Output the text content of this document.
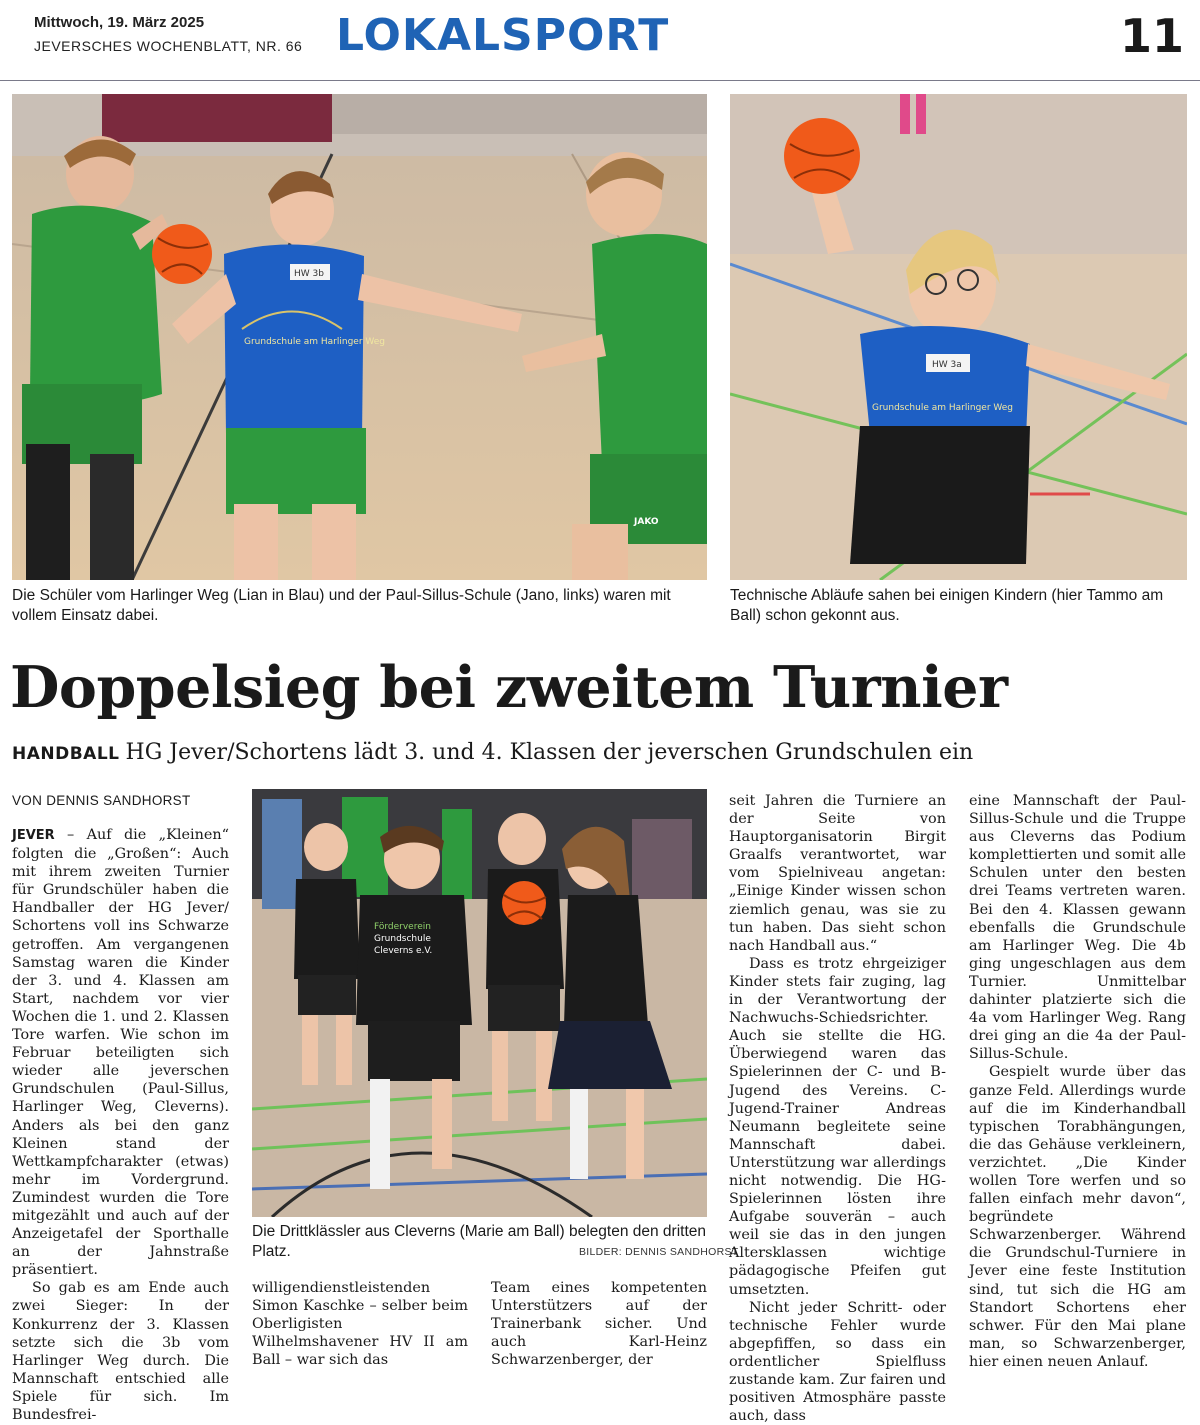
Mittwoch, 19. März 2025
JEVERSCHES WOCHENBLATT, NR. 66 LOKALSPORT	11
Grundschule am Harlinger Weg
HW 3b
JAKO
Die Schüler vom Harlinger Weg (Lian in Blau) und der Paul-Sillus-Schule (Jano, links) waren mit vollem Einsatz dabei.
HW 3a
Grundschule am Harlinger Weg
Technische Abläufe sahen bei einigen Kindern (hier Tammo am Ball) schon gekonnt aus.
Doppelsieg bei zweitem Turnier
HANDBALL HG Jever/Schortens lädt 3. und 4. Klassen der jeverschen Grundschulen ein
VON DENNIS SANDHORST
Förderverein
Grundschule
Cleverns e.V.
Die Drittklässler aus Cleverns (Marie am Ball) belegten den dritten Platz.	BILDER: DENNIS SANDHORST

JEVER – Auf die „Kleinen“ folgten die „Großen“: Auch mit ihrem zweiten Turnier für Grundschüler haben die Handballer der HG Jever/ Schortens voll ins Schwarze getroffen. Am vergangenen Samstag waren die Kinder der 3. und 4. Klassen am Start, nachdem vor vier Wochen die 1. und 2. Klassen Tore warfen. Wie schon im Februar beteiligten sich wieder alle jeverschen Grundschulen (Paul-Sillus, Harlinger Weg, Cleverns). Anders als bei den ganz Kleinen stand der Wettkampfcharakter (etwas) mehr im Vordergrund. Zumindest wurden die Tore mitgezählt und auch auf der Anzeigetafel der Sporthalle an der Jahnstraße präsentiert.

So gab es am Ende auch zwei Sieger: In der Konkurrenz der 3. Klassen setzte sich die 3b vom Harlinger Weg durch. Die Mannschaft entschied alle Spiele für sich. Im Bundesfrei-

willigendienstleistenden Simon Kaschke – selber beim Oberligisten Wilhelmshavener HV II am Ball – war sich das

Team eines kompetenten Unterstützers auf der Trainerbank sicher. Und auch Karl-Heinz Schwarzenberger, der

seit Jahren die Turniere an der Seite von Hauptorganisatorin Birgit Graalfs verantwortet, war vom Spielniveau angetan: „Einige Kinder wissen schon ziemlich genau, was sie zu tun haben. Das sieht schon nach Handball aus.“

Dass es trotz ehrgeiziger Kinder stets fair zuging, lag in der Verantwortung der Nachwuchs-Schiedsrichter. Auch sie stellte die HG. Überwiegend waren das Spielerinnen der C- und B-Jugend des Vereins. C-Jugend-Trainer Andreas Neumann begleitete seine Mannschaft dabei. Unterstützung war allerdings nicht notwendig. Die HG-Spielerinnen lösten ihre Aufgabe souverän – auch weil sie das in den jungen Altersklassen wichtige pädagogische Pfeifen gut umsetzten.

Nicht jeder Schritt- oder technische Fehler wurde abgepfiffen, so dass ein ordentlicher Spielfluss zustande kam. Zur fairen und positiven Atmosphäre passte auch, dass

eine Mannschaft der Paul-Sillus-Schule und die Truppe aus Cleverns das Podium komplettierten und somit alle Schulen unter den besten drei Teams vertreten waren. Bei den 4. Klassen gewann ebenfalls die Grundschule am Harlinger Weg. Die 4b ging ungeschlagen aus dem Turnier. Unmittelbar dahinter platzierte sich die 4a vom Harlinger Weg. Rang drei ging an die 4a der Paul-Sillus-Schule.

Gespielt wurde über das ganze Feld. Allerdings wurde auf die im Kinderhandball typischen Torabhängungen, die das Gehäuse verkleinern, verzichtet. „Die Kinder wollen Tore werfen und so fallen einfach mehr davon“, begründete Schwarzenberger. Während die Grundschul-Turniere in Jever eine feste Institution sind, tut sich die HG am Standort Schortens eher schwer. Für den Mai plane man, so Schwarzenberger, hier einen neuen Anlauf.
